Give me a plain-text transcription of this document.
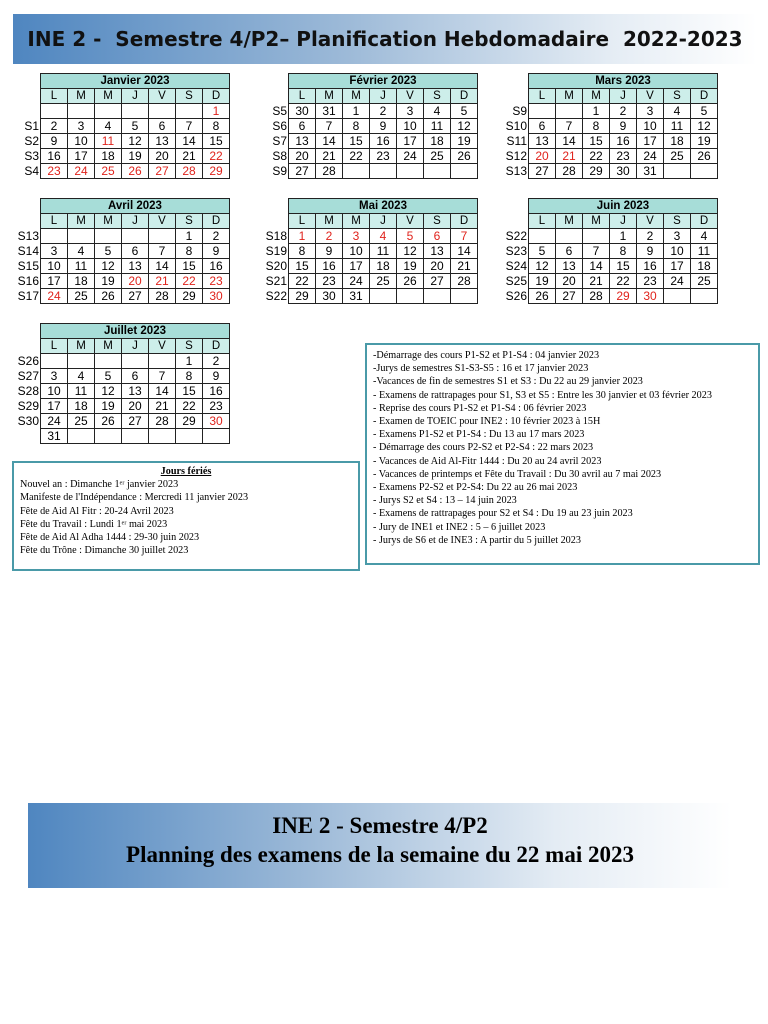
INE 2 -  Semestre 4/P2– Planification Hebdomadaire  2022-2023
	Janvier 2023						
	L	M	M	J	V	S	D
							1
S1	2	3	4	5	6	7	8
S2	9	10	11	12	13	14	15
S3	16	17	18	19	20	21	22
S4	23	24	25	26	27	28	29
	Février 2023						
	L	M	M	J	V	S	D
S5	30	31	1	2	3	4	5
S6	6	7	8	9	10	11	12
S7	13	14	15	16	17	18	19
S8	20	21	22	23	24	25	26
S9	27	28					
	Mars 2023						
	L	M	M	J	V	S	D
S9			1	2	3	4	5
S10	6	7	8	9	10	11	12
S11	13	14	15	16	17	18	19
S12	20	21	22	23	24	25	26
S13	27	28	29	30	31		
	Avril 2023						
	L	M	M	J	V	S	D
S13						1	2
S14	3	4	5	6	7	8	9
S15	10	11	12	13	14	15	16
S16	17	18	19	20	21	22	23
S17	24	25	26	27	28	29	30
	Mai 2023						
	L	M	M	J	V	S	D
S18	1	2	3	4	5	6	7
S19	8	9	10	11	12	13	14
S20	15	16	17	18	19	20	21
S21	22	23	24	25	26	27	28
S22	29	30	31				
	Juin 2023						
	L	M	M	J	V	S	D
S22				1	2	3	4
S23	5	6	7	8	9	10	11
S24	12	13	14	15	16	17	18
S25	19	20	21	22	23	24	25
S26	26	27	28	29	30		
	Juillet 2023						
	L	M	M	J	V	S	D
S26						1	2
S27	3	4	5	6	7	8	9
S28	10	11	12	13	14	15	16
S29	17	18	19	20	21	22	23
S30	24	25	26	27	28	29	30
	31						
Jours fériés
Nouvel an : Dimanche 1ᵉʳ janvier 2023
Manifeste de l'Indépendance : Mercredi 11 janvier 2023
Fête de Aid Al Fitr : 20-24 Avril 2023
Fête du Travail : Lundi 1ᵉʳ mai 2023
Fête de Aid Al Adha 1444 : 29-30 juin 2023
Fête du Trône : Dimanche 30 juillet 2023
-Démarrage des cours P1-S2 et P1-S4 : 04 janvier 2023
-Jurys de semestres S1-S3-S5 : 16 et 17 janvier 2023
-Vacances de fin de semestres S1 et S3 : Du 22 au 29 janvier 2023
- Examens de rattrapages pour S1, S3 et S5 : Entre les 30 janvier et 03 février 2023
- Reprise des cours P1-S2 et P1-S4 : 06 février 2023
- Examen de TOEIC pour INE2 : 10 février 2023 à 15H
- Examens P1-S2 et P1-S4 : Du 13 au 17 mars 2023
- Démarrage des cours P2-S2 et P2-S4 : 22 mars 2023
- Vacances de Aid Al-Fitr 1444 : Du 20 au 24 avril 2023
- Vacances de printemps et Fête du Travail : Du 30 avril au 7 mai 2023
- Examens P2-S2 et P2-S4: Du 22 au 26 mai 2023
- Jurys S2 et S4 : 13 – 14 juin 2023
- Examens de rattrapages pour S2 et S4 : Du 19 au 23 juin 2023
- Jury de INE1 et INE2 : 5 – 6 juillet 2023
- Jurys de S6 et de INE3 : A partir du 5 juillet 2023
INE 2 - Semestre 4/P2
Planning des examens de la semaine du 22 mai 2023
